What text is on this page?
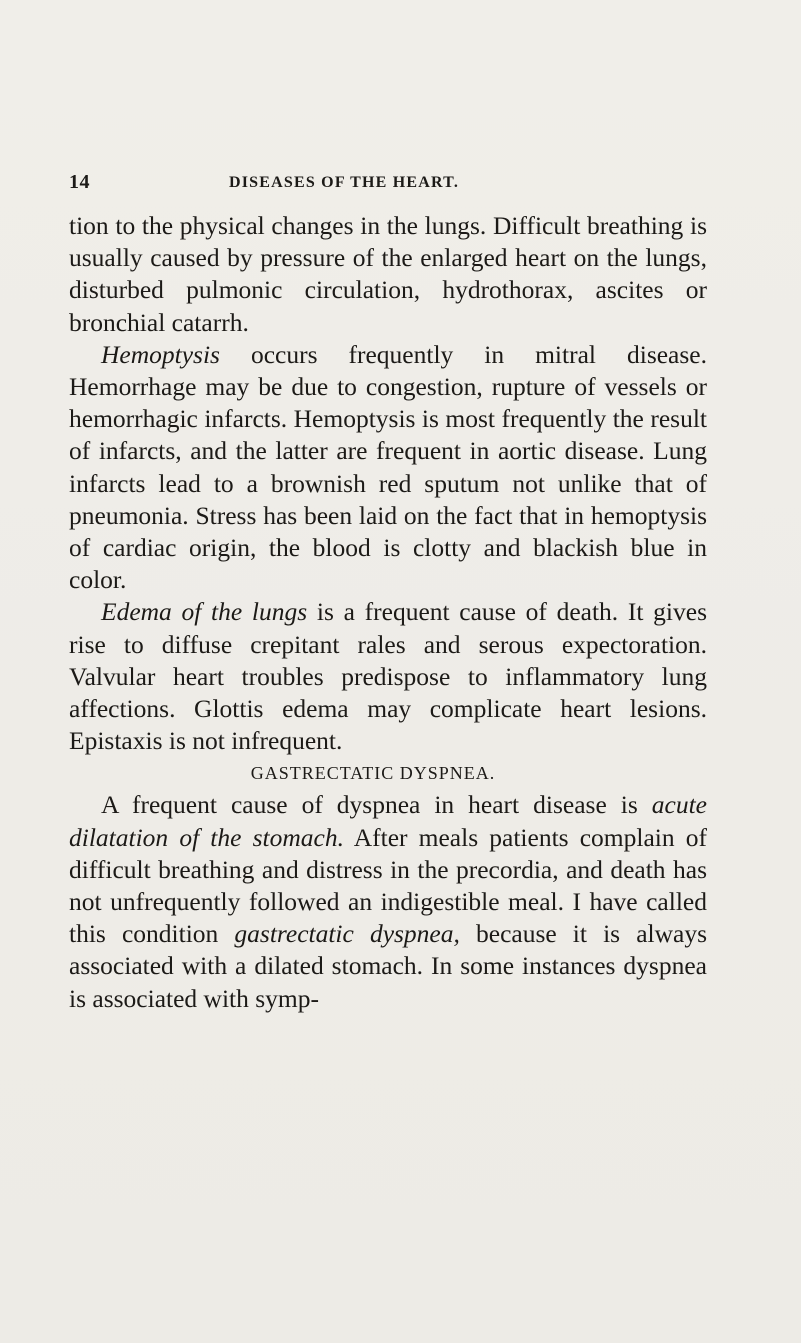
14	DISEASES OF THE HEART.

tion to the physical changes in the lungs. Difficult breathing is usually caused by pressure of the enlarged heart on the lungs, disturbed pulmonic circulation, hydrothorax, ascites or bronchial catarrh.

Hemoptysis occurs frequently in mitral disease. Hemorrhage may be due to congestion, rupture of vessels or hemorrhagic infarcts. Hemoptysis is most frequently the result of infarcts, and the latter are frequent in aortic disease. Lung infarcts lead to a brownish red sputum not unlike that of pneumonia. Stress has been laid on the fact that in hemoptysis of cardiac origin, the blood is clotty and blackish blue in color.

Edema of the lungs is a frequent cause of death. It gives rise to diffuse crepitant rales and serous expectoration. Valvular heart troubles predispose to inflammatory lung affections. Glottis edema may complicate heart lesions. Epistaxis is not infrequent.

GASTRECTATIC DYSPNEA.

A frequent cause of dyspnea in heart disease is acute dilatation of the stomach. After meals patients complain of difficult breathing and distress in the precordia, and death has not unfrequently followed an indigestible meal. I have called this condition gastrectatic dyspnea, because it is always associated with a dilated stomach. In some instances dyspnea is associated with symp-
